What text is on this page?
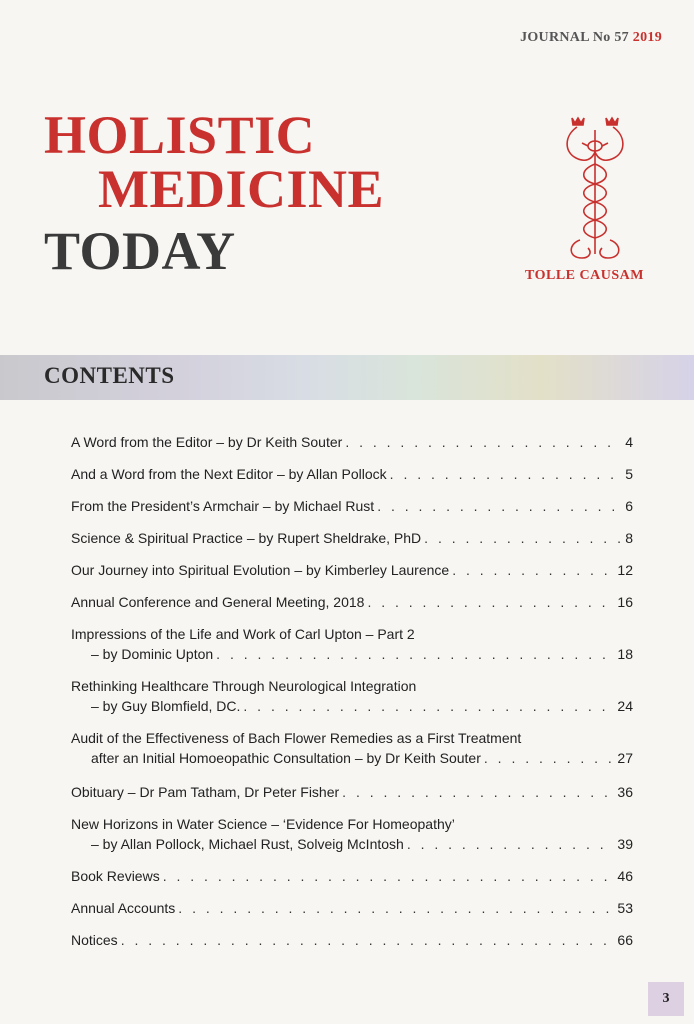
JOURNAL No 57 2019
HOLISTIC
MEDICINE
TODAY	TOLLE CAUSAM
CONTENTS
A Word from the Editor – by Dr Keith Souter . . .	4
And a Word from the Next Editor – by Allan Pollock . . .	5
From the President’s Armchair – by Michael Rust . . .	6
Science & Spiritual Practice – by Rupert Sheldrake, PhD . . .	8
Our Journey into Spiritual Evolution – by Kimberley Laurence . . .	12
Annual Conference and General Meeting, 2018 . . .	16
Impressions of the Life and Work of Carl Upton – Part 2
– by Dominic Upton . . .	18
Rethinking Healthcare Through Neurological Integration
– by Guy Blomfield, DC. . . .	24
Audit of the Effectiveness of Bach Flower Remedies as a First Treatment
after an Initial Homoeopathic Consultation – by Dr Keith Souter . . .	27
Obituary – Dr Pam Tatham, Dr Peter Fisher . . .	36
New Horizons in Water Science – ‘Evidence For Homeopathy’
– by Allan Pollock, Michael Rust, Solveig McIntosh . . .	39
Book Reviews . . .	46
Annual Accounts . . .	53
Notices . . .	66
3
